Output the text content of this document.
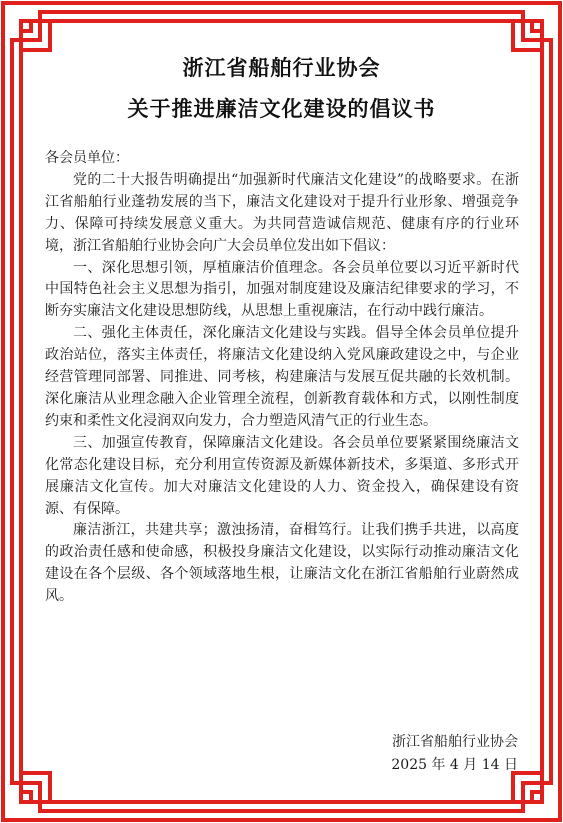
浙江省船舶行业协会
关于推进廉洁文化建设的倡议书

各会员单位：

党的二十大报告明确提出“加强新时代廉洁文化建设”的战略要求。在浙江省船舶行业蓬勃发展的当下，廉洁文化建设对于提升行业形象、增强竞争力、保障可持续发展意义重大。为共同营造诚信规范、健康有序的行业环境，浙江省船舶行业协会向广大会员单位发出如下倡议：

一、深化思想引领，厚植廉洁价值理念。各会员单位要以习近平新时代中国特色社会主义思想为指引，加强对制度建设及廉洁纪律要求的学习，不断夯实廉洁文化建设思想防线，从思想上重视廉洁，在行动中践行廉洁。

二、强化主体责任，深化廉洁文化建设与实践。倡导全体会员单位提升政治站位，落实主体责任，将廉洁文化建设纳入党风廉政建设之中，与企业经营管理同部署、同推进、同考核，构建廉洁与发展互促共融的长效机制。深化廉洁从业理念融入企业管理全流程，创新教育载体和方式，以刚性制度约束和柔性文化浸润双向发力，合力塑造风清气正的行业生态。

三、加强宣传教育，保障廉洁文化建设。各会员单位要紧紧围绕廉洁文化常态化建设目标，充分利用宣传资源及新媒体新技术，多渠道、多形式开展廉洁文化宣传。加大对廉洁文化建设的人力、资金投入，确保建设有资源、有保障。

廉洁浙江，共建共享；激浊扬清，奋楫笃行。让我们携手共进，以高度的政治责任感和使命感，积极投身廉洁文化建设，以实际行动推动廉洁文化建设在各个层级、各个领域落地生根，让廉洁文化在浙江省船舶行业蔚然成风。

浙江省船舶行业协会
2025 年 4 月 14 日
